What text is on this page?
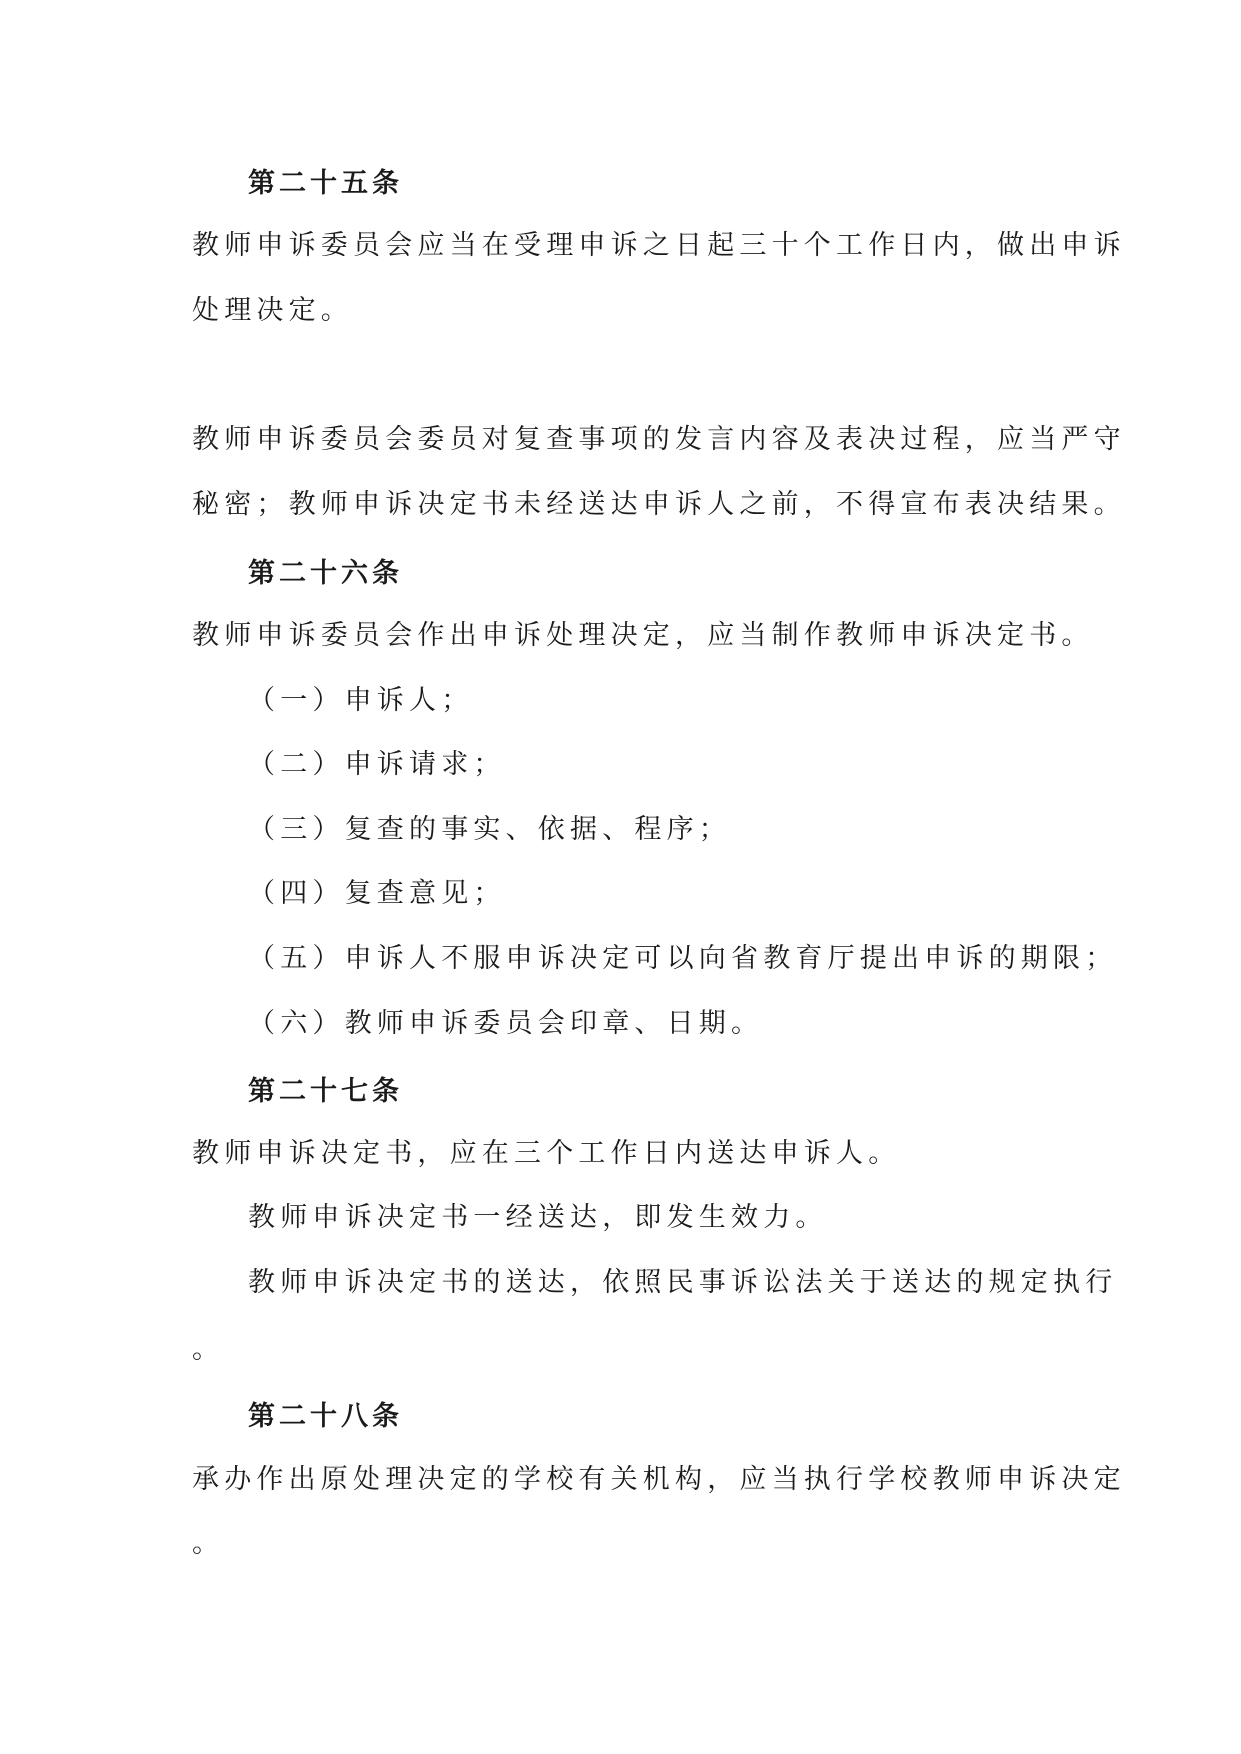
第二十五条
教师申诉委员会应当在受理申诉之日起三十个工作日内，做出申诉
处理决定。
教师申诉委员会委员对复查事项的发言内容及表决过程，应当严守
秘密；教师申诉决定书未经送达申诉人之前，不得宣布表决结果。
第二十六条
教师申诉委员会作出申诉处理决定，应当制作教师申诉决定书。
（一）申诉人；
（二）申诉请求；
（三）复查的事实、依据、程序；
（四）复查意见；
（五）申诉人不服申诉决定可以向省教育厅提出申诉的期限；
（六）教师申诉委员会印章、日期。
第二十七条
教师申诉决定书，应在三个工作日内送达申诉人。
教师申诉决定书一经送达，即发生效力。
教师申诉决定书的送达，依照民事诉讼法关于送达的规定执行
。
第二十八条
承办作出原处理决定的学校有关机构，应当执行学校教师申诉决定
。
